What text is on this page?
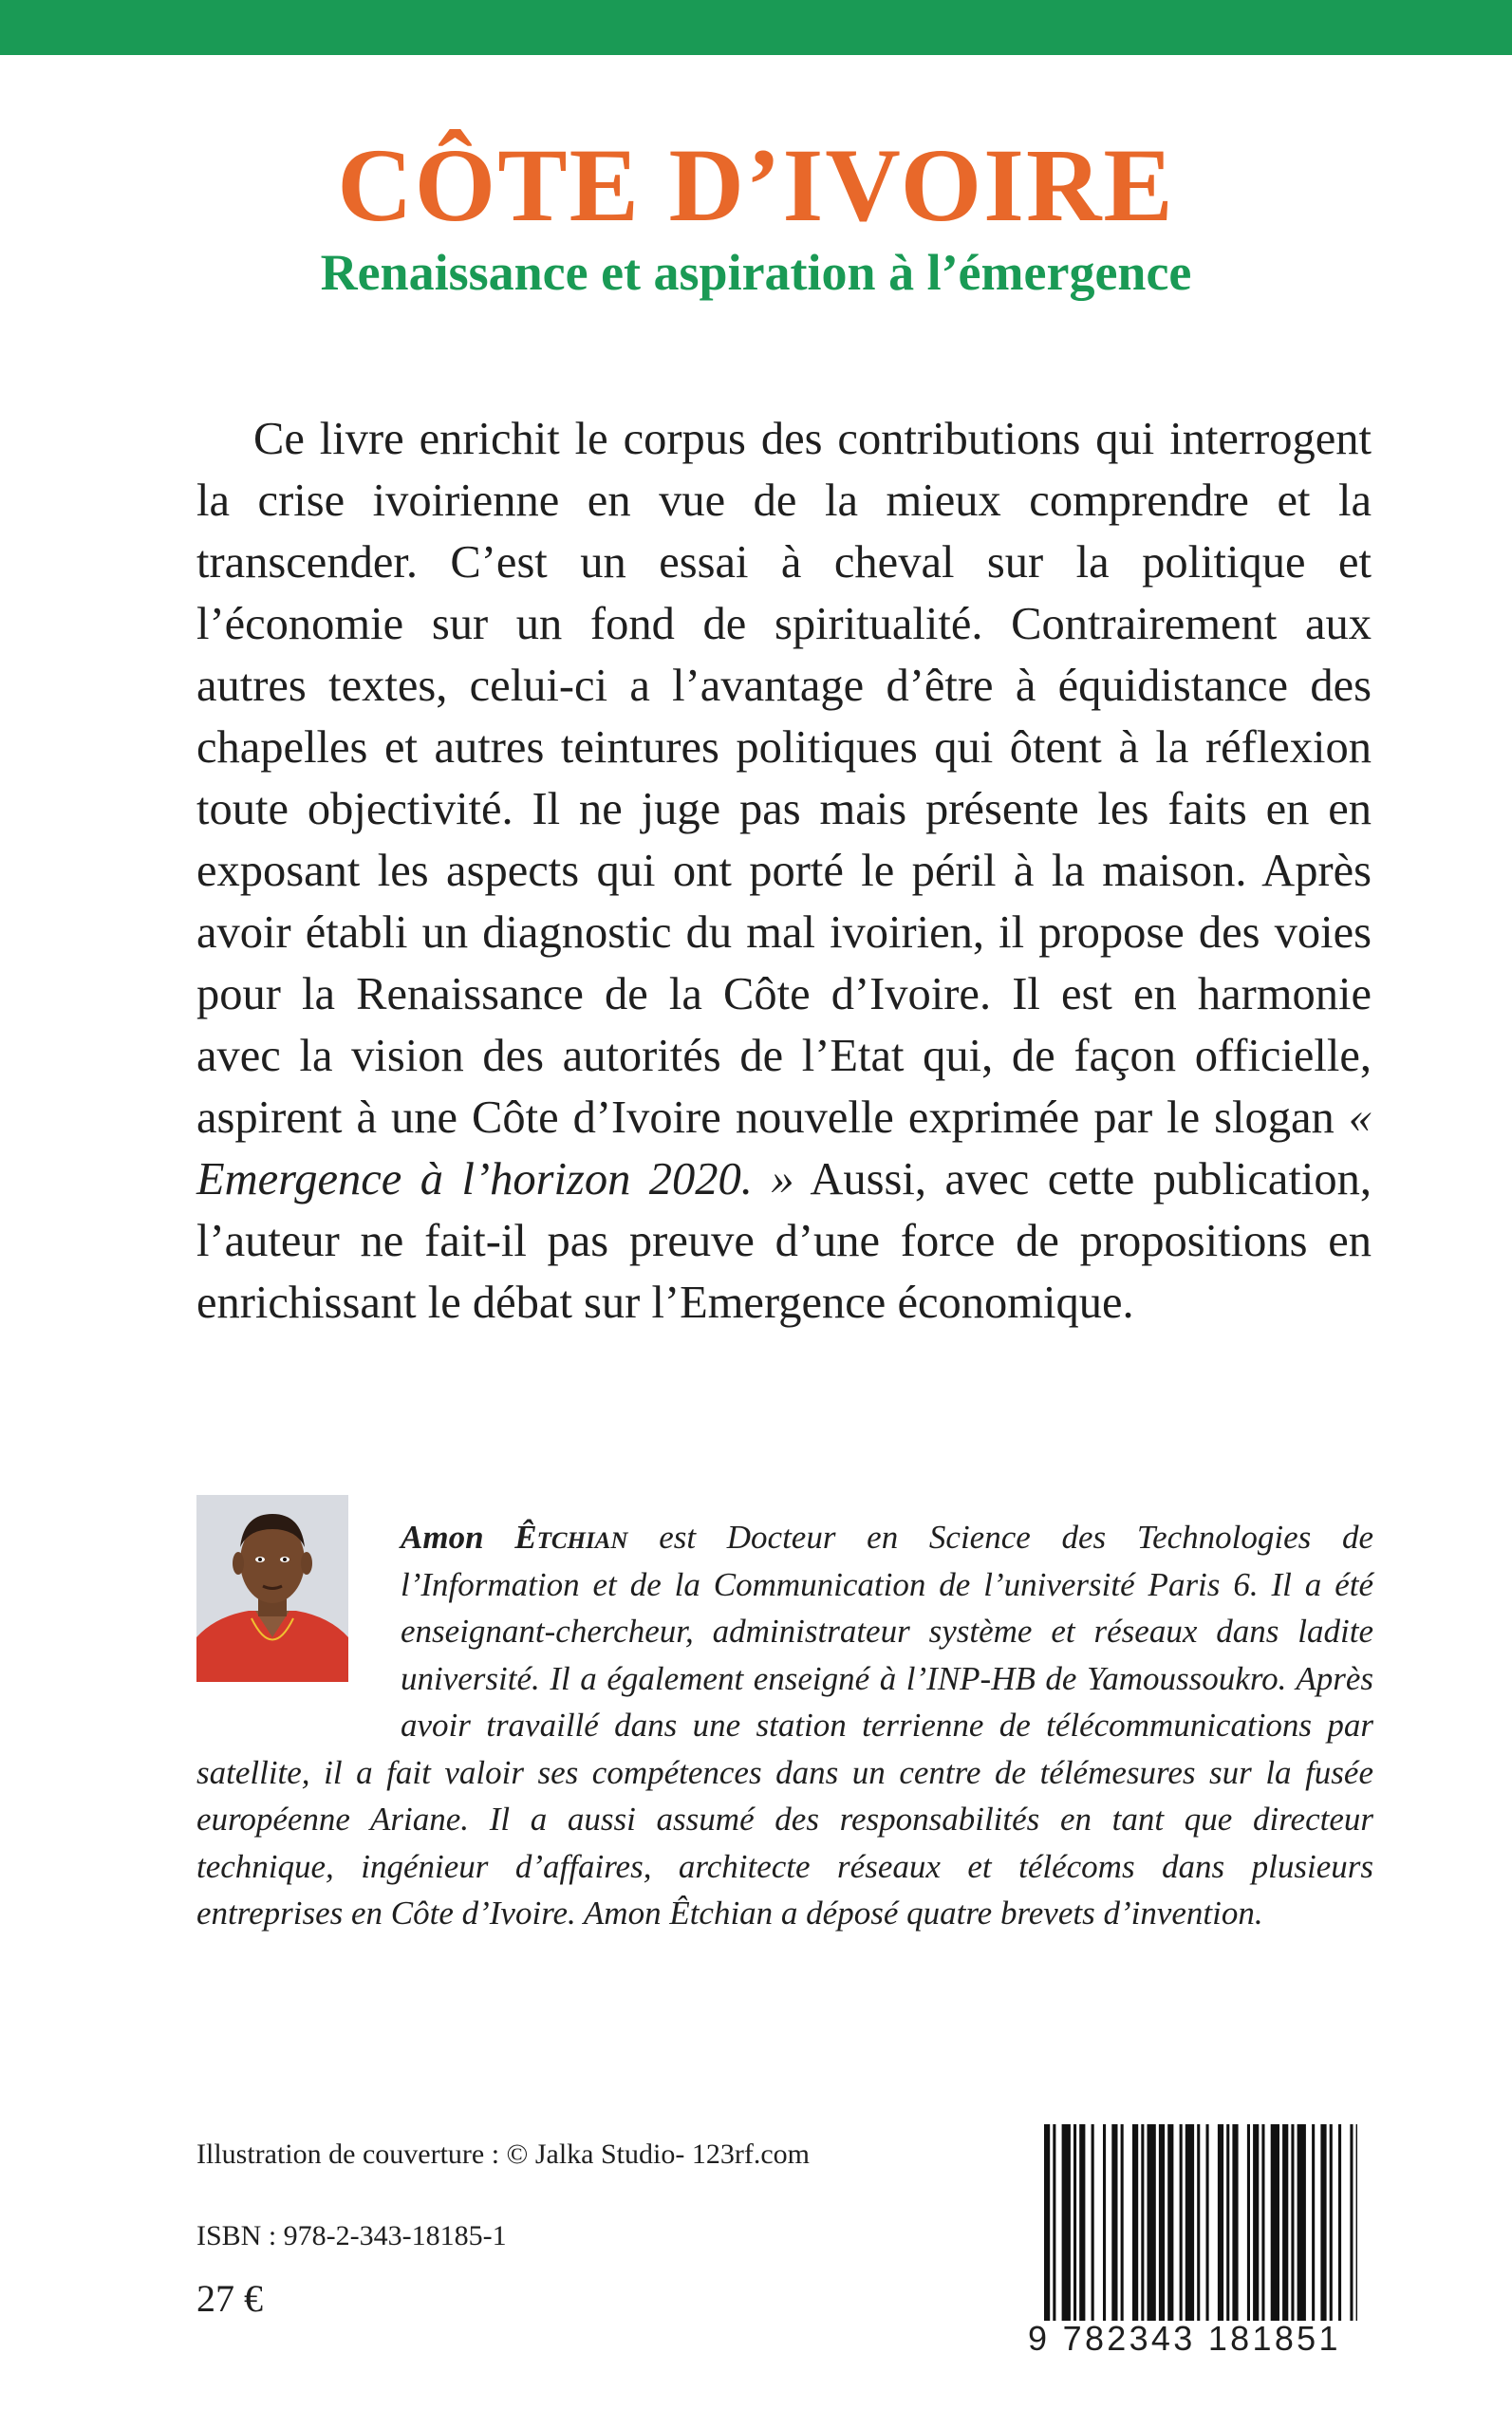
CÔTE D’IVOIRE
Renaissance et aspiration à l’émergence

Ce livre enrichit le corpus des contributions qui interrogent la crise ivoirienne en vue de la mieux comprendre et la transcender. C’est un essai à cheval sur la politique et l’économie sur un fond de spiritualité. Contrairement aux autres textes, celui-ci a l’avantage d’être à équidistance des chapelles et autres teintures politiques qui ôtent à la réflexion toute objectivité. Il ne juge pas mais présente les faits en en exposant les aspects qui ont porté le péril à la maison. Après avoir établi un diagnostic du mal ivoirien, il propose des voies pour la Renaissance de la Côte d’Ivoire. Il est en harmonie avec la vision des autorités de l’Etat qui, de façon officielle, aspirent à une Côte d’Ivoire nouvelle exprimée par le slogan « Emergence à l’horizon 2020. » Aussi, avec cette publication, l’auteur ne fait-il pas preuve d’une force de propositions en enrichissant le débat sur l’Emergence économique.

Amon Êtchian est Docteur en Science des Technologies de l’Information et de la Communication de l’université Paris 6. Il a été enseignant-chercheur, administrateur système et réseaux dans ladite université. Il a également enseigné à l’INP-HB de Yamoussoukro. Après avoir travaillé dans une station terrienne de télécommunications par satellite, il a fait valoir ses compétences dans un centre de télémesures sur la fusée européenne Ariane. Il a aussi assumé des responsabilités en tant que directeur technique, ingénieur d’affaires, architecte réseaux et télécoms dans plusieurs entreprises en Côte d’Ivoire. Amon Êtchian a déposé quatre brevets d’invention.

Illustration de couverture : © Jalka Studio- 123rf.com
ISBN : 978-2-343-18185-1
27 €
9 782343 181851
